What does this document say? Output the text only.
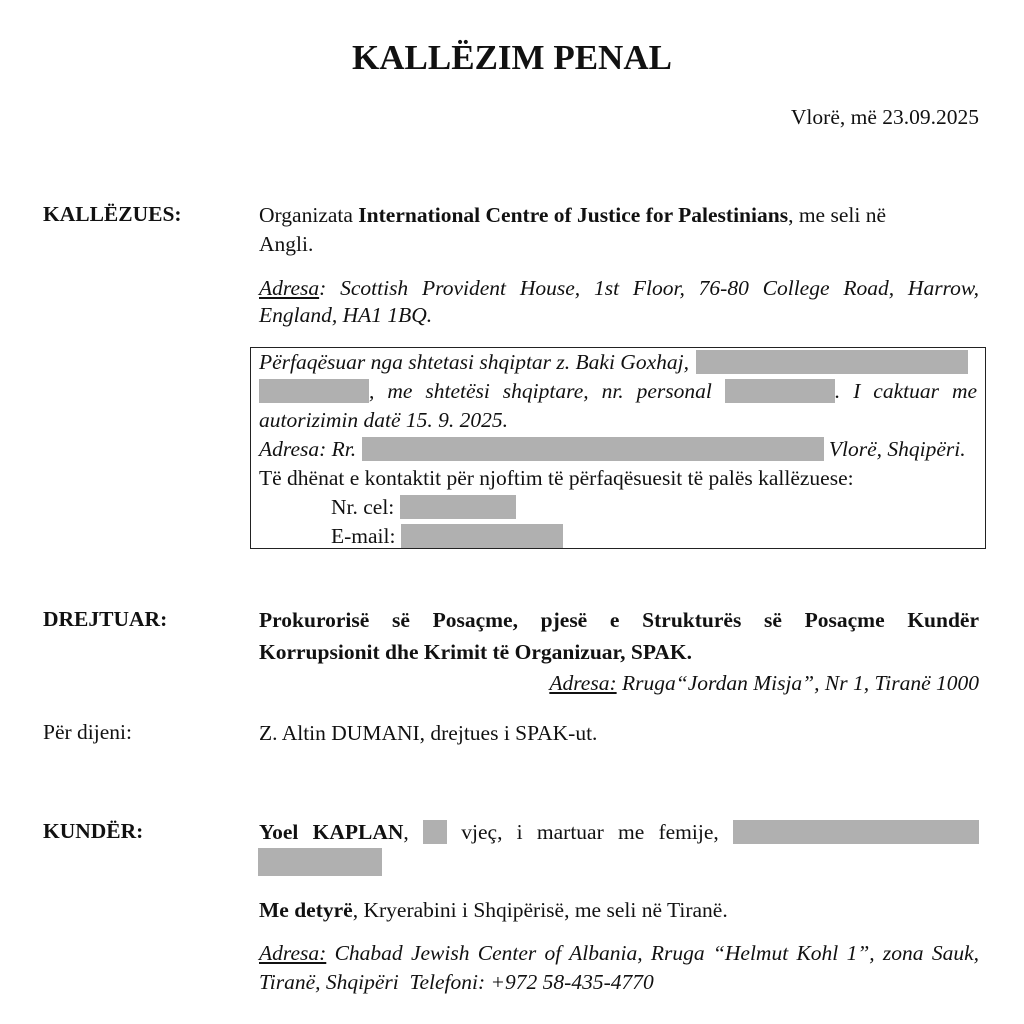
KALLËZIM PENAL
Vlorë, më 23.09.2025
KALLËZUES:	Organizata International Centre of Justice for Palestinians, me seli në
Angli.
Adresa: Scottish Provident House, 1st Floor, 76-80 College Road, Harrow,
England, HA1 1BQ.
Përfaqësuar nga shtetasi shqiptar z. Baki Goxhaj,
, me shtetësi shqiptare, nr. personal	. I caktuar me
autorizimin datë 15. 9. 2025.
Adresa: Rr.	Vlorë, Shqipëri.
Të dhënat e kontaktit për njoftim të përfaqësuesit të palës kallëzuese:
Nr. cel:
E-mail:
DREJTUAR:	Prokurorisë së Posaçme, pjesë e Strukturës së Posaçme Kundër
Korrupsionit dhe Krimit të Organizuar, SPAK.
Adresa: Rruga“Jordan Misja”, Nr 1, Tiranë 1000
Për dijeni:	Z. Altin DUMANI, drejtues i SPAK-ut.
KUNDËR:	Yoel KAPLAN, vjeç, i martuar me femije,
Me detyrë, Kryerabini i Shqipërisë, me seli në Tiranë.
Adresa: Chabad Jewish Center of Albania, Rruga “Helmut Kohl 1”, zona Sauk,
Tiranë, Shqipëri  Telefoni: +972 58-435-4770
